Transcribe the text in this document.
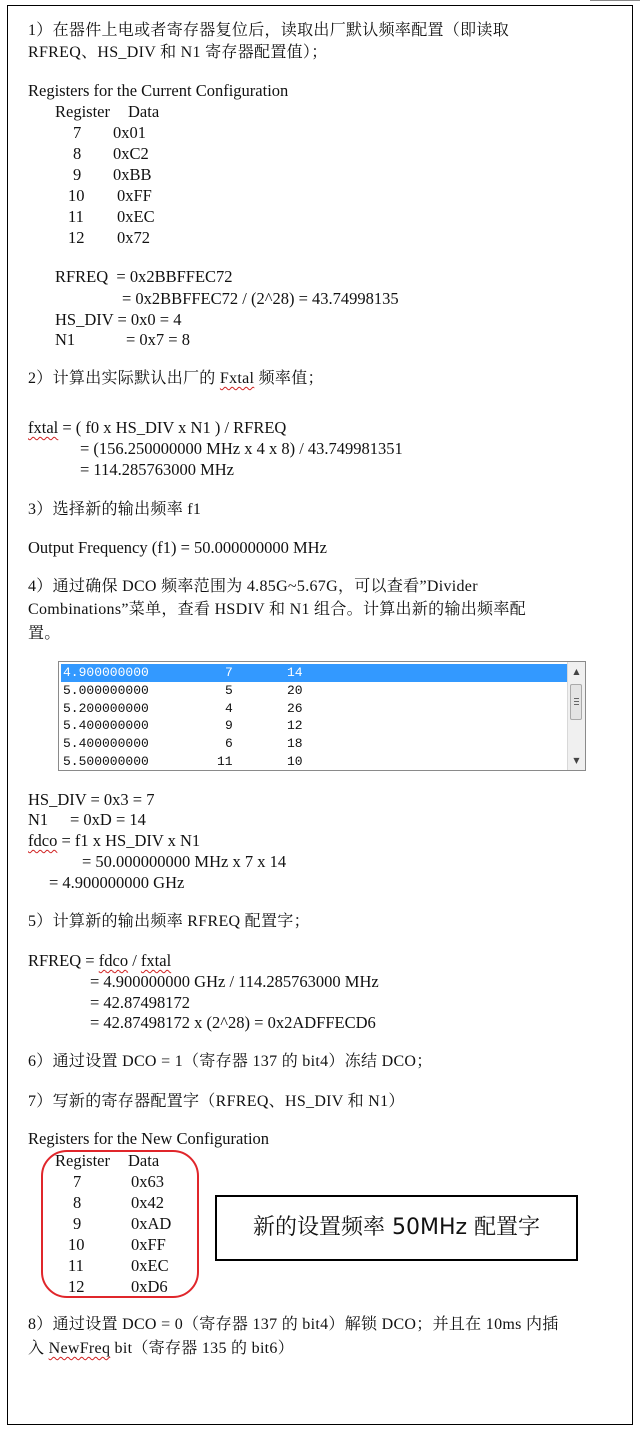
1）在器件上电或者寄存器复位后，读取出厂默认频率配置（即读取
RFREQ、HS_DIV 和 N1 寄存器配置值）；
Registers for the Current Configuration
Register Data
7 0x01
8 0xC2
9 0xBB
10 0xFF
11 0xEC
12 0x72
RFREQ  = 0x2BBFFEC72
= 0x2BBFFEC72 / (2^28) = 43.74998135
HS_DIV = 0x0 = 4
N1	= 0x7 = 8
2）计算出实际默认出厂的 Fxtal 频率值；
fxtal = ( f0 x HS_DIV x N1 ) / RFREQ
= (156.250000000 MHz x 4 x 8) / 43.749981351
= 114.285763000 MHz
3）选择新的输出频率 f1
Output Frequency (f1) = 50.000000000 MHz
4）通过确保 DCO 频率范围为 4.85G~5.67G，可以查看”Divider
Combinations”菜单，查看 HSDIV 和 N1 组合。计算出新的输出频率配
置。
4.900000000	7	14
5.000000000	5	20
5.200000000	4	26
5.400000000	9	12
5.400000000	6	18
5.500000000	11	10
▲
▼
HS_DIV = 0x3 = 7
N1 = 0xD = 14
fdco = f1 x HS_DIV x N1
= 50.000000000 MHz x 7 x 14
= 4.900000000 GHz
5）计算新的输出频率 RFREQ 配置字；
RFREQ = fdco / fxtal
= 4.900000000 GHz / 114.285763000 MHz
= 42.87498172
= 42.87498172 x (2^28) = 0x2ADFFECD6
6）通过设置 DCO = 1（寄存器 137 的 bit4）冻结 DCO；
7）写新的寄存器配置字（RFREQ、HS_DIV 和 N1）
Registers for the New Configuration
Register Data
7	0x63
8	0x42
9	0xAD
10	0xFF
11	0xEC
12	0xD6
新的设置频率 50MHz 配置字
8）通过设置 DCO = 0（寄存器 137 的 bit4）解锁 DCO；并且在 10ms 内插
入 NewFreq bit（寄存器 135 的 bit6）
